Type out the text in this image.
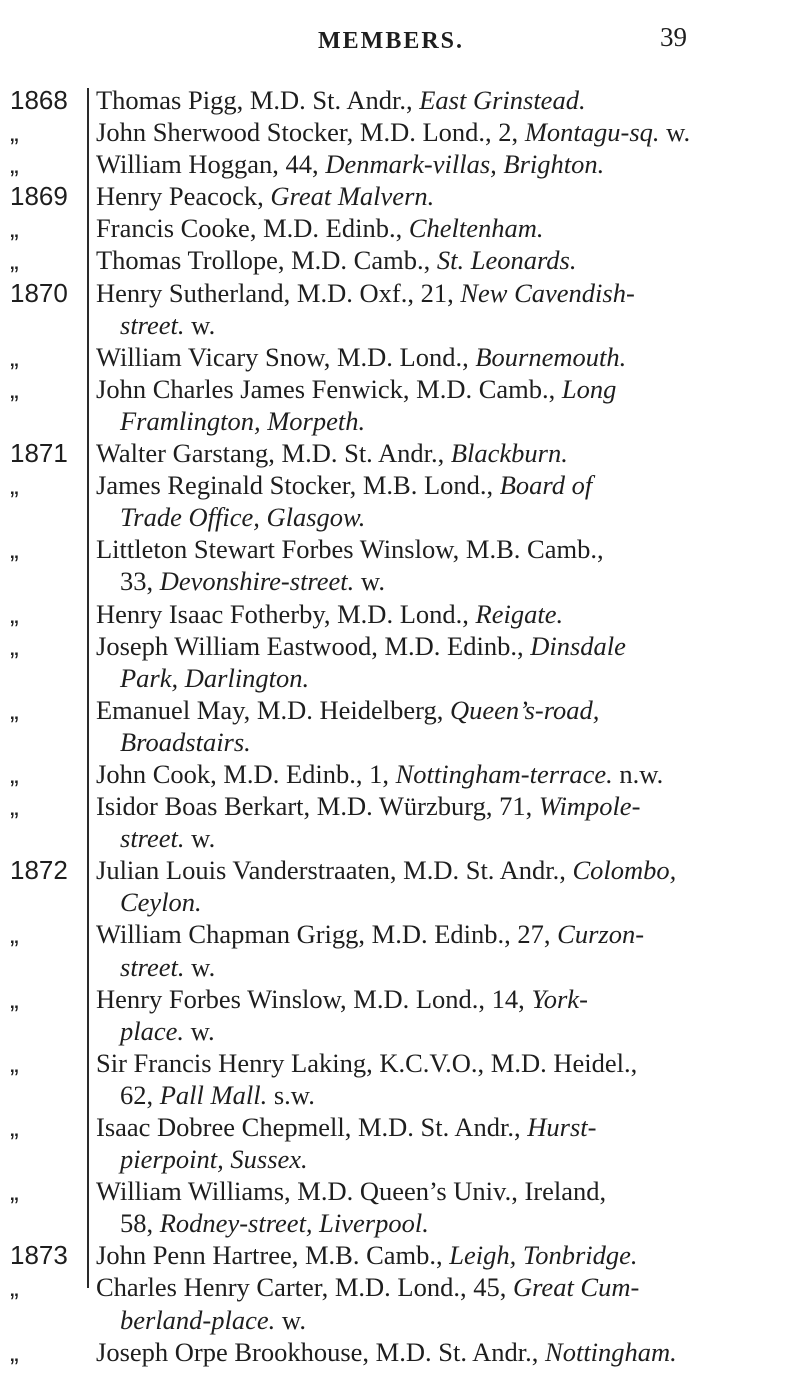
MEMBERS.	39
1868	Thomas Pigg, M.D. St. Andr., East Grinstead.
„	John Sherwood Stocker, M.D. Lond., 2, Montagu-sq. w.
„	William Hoggan, 44, Denmark-villas, Brighton.
1869	Henry Peacock, Great Malvern.
„	Francis Cooke, M.D. Edinb., Cheltenham.
„	Thomas Trollope, M.D. Camb., St. Leonards.
1870	Henry Sutherland, M.D. Oxf., 21, New Cavendish-
street. w.
„	William Vicary Snow, M.D. Lond., Bournemouth.
„	John Charles James Fenwick, M.D. Camb., Long
Framlington, Morpeth.
1871	Walter Garstang, M.D. St. Andr., Blackburn.
„	James Reginald Stocker, M.B. Lond., Board of
Trade Office, Glasgow.
„	Littleton Stewart Forbes Winslow, M.B. Camb.,
33, Devonshire-street. w.
„	Henry Isaac Fotherby, M.D. Lond., Reigate.
„	Joseph William Eastwood, M.D. Edinb., Dinsdale
Park, Darlington.
„	Emanuel May, M.D. Heidelberg, Queen’s-road,
Broadstairs.
„	John Cook, M.D. Edinb., 1, Nottingham-terrace. n.w.
„	Isidor Boas Berkart, M.D. Würzburg, 71, Wimpole-
street. w.
1872	Julian Louis Vanderstraaten, M.D. St. Andr., Colombo,
Ceylon.
„	William Chapman Grigg, M.D. Edinb., 27, Curzon-
street. w.
„	Henry Forbes Winslow, M.D. Lond., 14, York-
place. w.
„	Sir Francis Henry Laking, K.C.V.O., M.D. Heidel.,
62, Pall Mall. s.w.
„	Isaac Dobree Chepmell, M.D. St. Andr., Hurst-
pierpoint, Sussex.
„	William Williams, M.D. Queen’s Univ., Ireland,
58, Rodney-street, Liverpool.
1873	John Penn Hartree, M.B. Camb., Leigh, Tonbridge.
„	Charles Henry Carter, M.D. Lond., 45, Great Cum-
berland-place. w.
„	Joseph Orpe Brookhouse, M.D. St. Andr., Nottingham.
